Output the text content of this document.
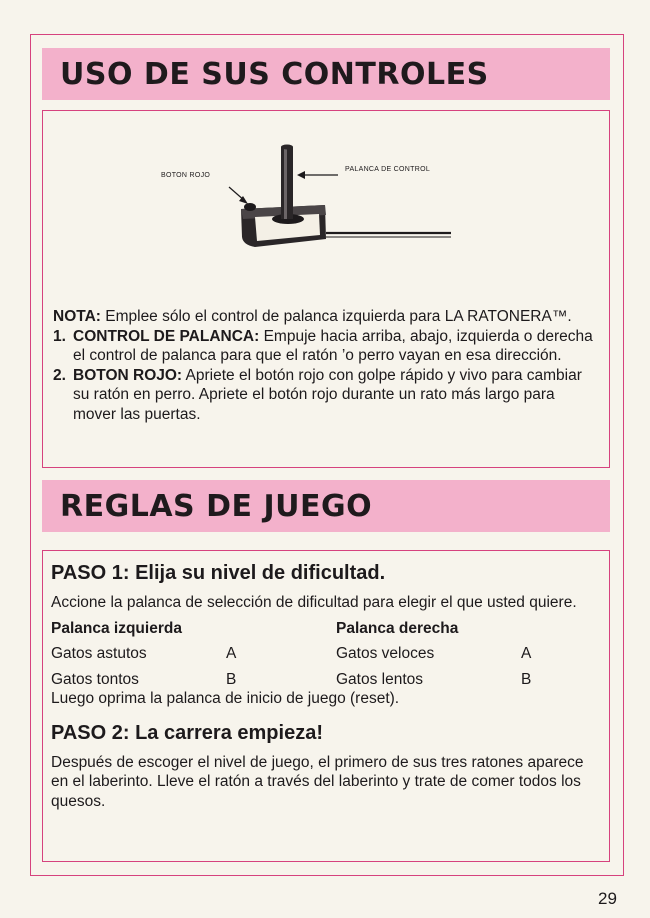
USO DE SUS CONTROLES
BOTON ROJO
PALANCA DE CONTROL

NOTA: Emplee sólo el control de palanca izquierda para LA RATONERA™.

1. CONTROL DE PALANCA: Empuje hacia arriba, abajo, izquierda o derecha el control de palanca para que el ratón ’o perro vayan en esa dirección.
2. BOTON ROJO: Apriete el botón rojo con golpe rápido y vivo para cambiar su ratón en perro. Apriete el botón rojo durante un rato más largo para mover las puertas.
REGLAS DE JUEGO
PASO 1: Elija su nivel de dificultad.

Accione la palanca de selección de dificultad para elegir el que usted quiere.

Palanca izquierda	Palanca derecha
Gatos astutos	A	Gatos veloces	A
Gatos tontos	B	Gatos lentos	B

Luego oprima la palanca de inicio de juego (reset).

PASO 2: La carrera empieza!

Después de escoger el nivel de juego, el primero de sus tres ratones aparece en el laberinto. Lleve el ratón a través del laberinto y trate de comer todos los quesos.

29
